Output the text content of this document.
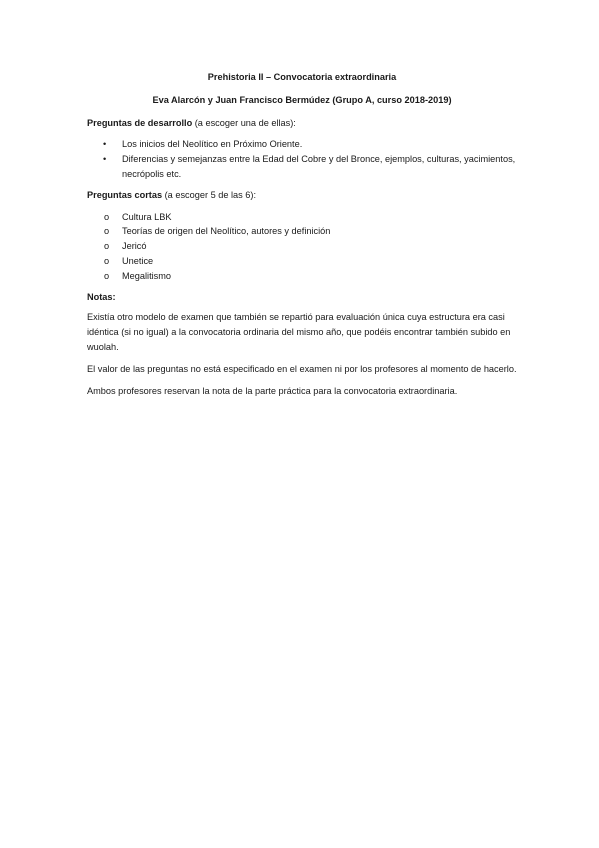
Prehistoria II – Convocatoria extraordinaria

Eva Alarcón y Juan Francisco Bermúdez (Grupo A, curso 2018-2019)

Preguntas de desarrollo (a escoger una de ellas):

• Los inicios del Neolítico en Próximo Oriente.
• Diferencias y semejanzas entre la Edad del Cobre y del Bronce, ejemplos, culturas, yacimientos, necrópolis etc.

Preguntas cortas (a escoger 5 de las 6):

o Cultura LBK
o Teorías de origen del Neolítico, autores y definición
o Jericó
o Unetice
o Megalitismo

Notas:

Existía otro modelo de examen que también se repartió para evaluación única cuya estructura era casi idéntica (si no igual) a la convocatoria ordinaria del mismo año, que podéis encontrar también subido en wuolah.

El valor de las preguntas no está especificado en el examen ni por los profesores al momento de hacerlo.

Ambos profesores reservan la nota de la parte práctica para la convocatoria extraordinaria.
